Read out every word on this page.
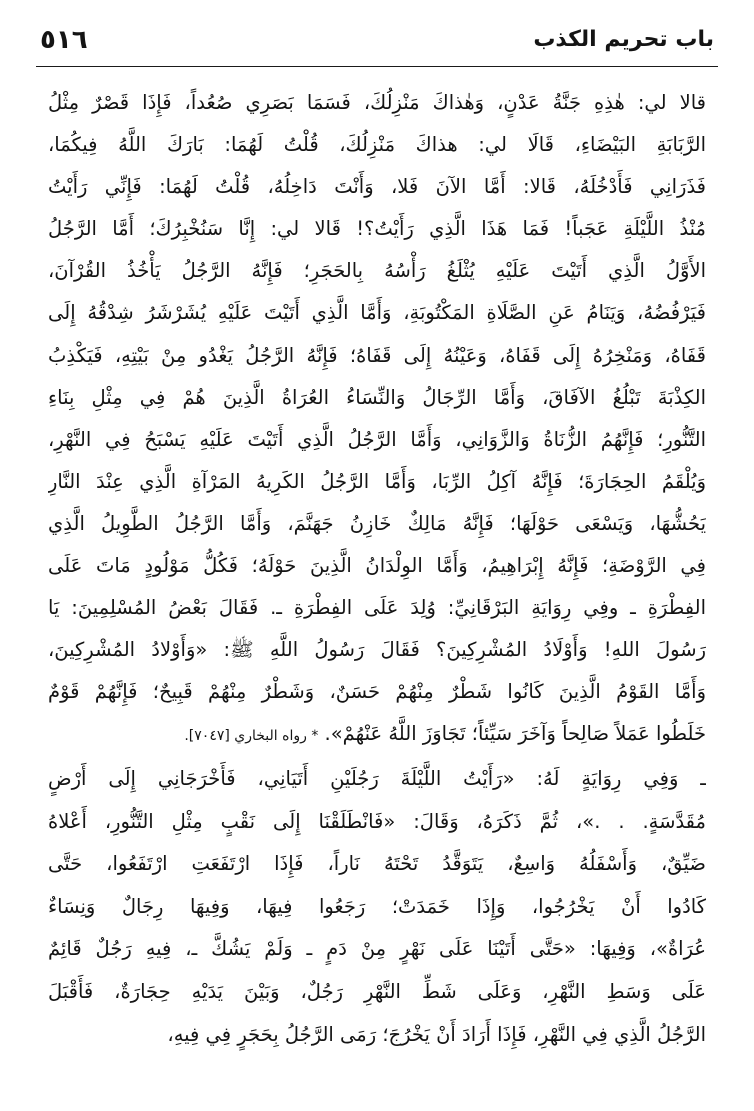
٥١٦	باب تحريم الكذب
قالا لي: هٰذِهِ جَنَّةُ عَدْنٍ، وَهٰذاكَ مَنْزِلُكَ، فَسَمَا بَصَرِي صُعُداً، فَإِذَا قَصْرٌ مِثْلُ
الرَّبَابَةِ البَيْضَاءِ، قَالَا لي: هذاكَ مَنْزِلُكَ، قُلْتُ لَهُمَا: بَارَكَ اللَّهُ فِيكُمَا،
فَذَرَانِي فَأَدْخُلَهُ، قَالا: أَمَّا الآنَ فَلا، وَأَنْتَ دَاخِلُهُ، قُلْتُ لَهُمَا: فَإِنِّي رَأَيْتُ
مُنْذُ اللَّيْلَةِ عَجَباً! فَمَا هَذَا الَّذِي رَأَيْتُ؟! قَالا لي: إِنَّا سَنُخْبِرُكَ؛ أَمَّا الرَّجُلُ
الأَوَّلُ الَّذِي أَتَيْتَ عَلَيْهِ يُثْلَغُ رَأْسُهُ بِالحَجَرِ؛ فَإِنَّهُ الرَّجُلُ يَأْخُذُ القُرْآنَ،
فَيَرْفُضُهُ، وَيَنَامُ عَنِ الصَّلَاةِ المَكْتُوبَةِ، وَأَمَّا الَّذِي أَتَيْتَ عَلَيْهِ يُشَرْشَرُ شِدْقُهُ إِلَى
قَفَاهُ، وَمَنْخِرُهُ إِلَى قَفَاهُ، وَعَيْنُهُ إِلَى قَفَاهُ؛ فَإِنَّهُ الرَّجُلُ يَغْدُو مِنْ بَيْتِهِ، فَيَكْذِبُ
الكِذْبَةَ تَبْلُغُ الآفَاقَ، وَأَمَّا الرِّجَالُ وَالنِّسَاءُ العُرَاةُ الَّذِينَ هُمْ فِي مِثْلِ بِنَاءِ
التَّنُّورِ؛ فَإِنَّهُمُ الزُّنَاةُ وَالزَّوَانِي، وَأَمَّا الرَّجُلُ الَّذِي أَتَيْتَ عَلَيْهِ يَسْبَحُ فِي النَّهْرِ،
وَيُلْقَمُ الحِجَارَةَ؛ فَإِنَّهُ آكِلُ الرِّبَا، وَأَمَّا الرَّجُلُ الكَرِيهُ المَرْآةِ الَّذِي عِنْدَ النَّارِ
يَحُشُّهَا، وَيَسْعَى حَوْلَهَا؛ فَإِنَّهُ مَالِكٌ خَازِنُ جَهَنَّمَ، وَأَمَّا الرَّجُلُ الطَّوِيلُ الَّذِي
فِي الرَّوْضَةِ؛ فَإِنَّهُ إِبْرَاهِيمُ، وَأَمَّا الوِلْدَانُ الَّذِينَ حَوْلَهُ؛ فَكُلُّ مَوْلُودٍ مَاتَ عَلَى
الفِطْرَةِ ـ وفِي رِوَايَةِ البَرْقَانِيِّ: وُلِدَ عَلَى الفِطْرَةِ ـ. فَقَالَ بَعْضُ المُسْلِمِينَ: يَا
رَسُولَ اللهِ! وَأَوْلَادُ المُشْرِكِينَ؟ فَقَالَ رَسُولُ اللَّهِ ﷺ: «وَأَوْلادُ المُشْرِكِينَ،
وَأَمَّا القَوْمُ الَّذِينَ كَانُوا شَطْرٌ مِنْهُمْ حَسَنٌ، وَشَطْرٌ مِنْهُمْ قَبِيحٌ؛ فَإِنَّهُمْ قَوْمٌ
خَلَطُوا عَمَلاً صَالِحاً وَآخَرَ سَيِّئاً؛ تَجَاوَزَ اللَّهُ عَنْهُمْ». * رواه البخاري [٧٠٤٧].
ـ وَفِي رِوَايَةٍ لَهُ: «رَأَيْتُ اللَّيْلَةَ رَجُلَيْنِ أَتَيَانِي، فَأَخْرَجَانِي إِلَى أَرْضٍ
مُقَدَّسَةٍ. . .»، ثُمَّ ذَكَرَهُ، وَقَالَ: «فَانْطَلَقْنَا إِلَى نَقْبٍ مِثْلِ التَّنُّورِ، أَعْلاهُ
ضَيِّقٌ، وَأَسْفَلُهُ وَاسِعٌ، يَتَوَقَّدُ تَحْتَهُ نَاراً، فَإِذَا ارْتَفَعَتِ ارْتَفَعُوا، حَتَّى
كَادُوا أَنْ يَخْرُجُوا، وَإِذَا خَمَدَتْ؛ رَجَعُوا فِيهَا، وَفِيهَا رِجَالٌ وَنِسَاءٌ
عُرَاةٌ»، وَفِيهَا: «حَتَّى أَتَيْنَا عَلَى نَهْرٍ مِنْ دَمٍ ـ وَلَمْ يَشُكَّ ـ، فِيهِ رَجُلٌ قَائِمٌ
عَلَى وَسَطِ النَّهْرِ، وَعَلَى شَطِّ النَّهْرِ رَجُلٌ، وَبَيْنَ يَدَيْهِ حِجَارَةٌ، فَأَقْبَلَ
الرَّجُلُ الَّذِي فِي النَّهْرِ، فَإِذَا أَرَادَ أَنْ يَخْرُجَ؛ رَمَى الرَّجُلُ بِحَجَرٍ فِي فِيهِ،
